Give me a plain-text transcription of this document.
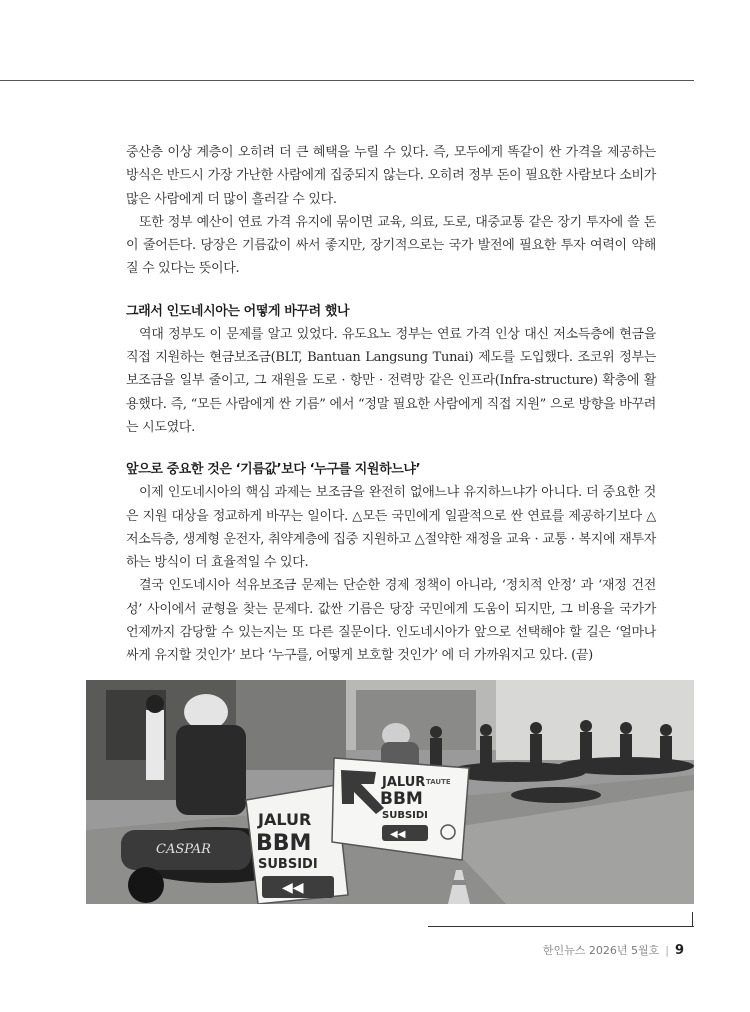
중산층 이상 계층이 오히려 더 큰 혜택을 누릴 수 있다. 즉, 모두에게 똑같이 싼 가격을 제공하는 방식은 반드시 가장 가난한 사람에게 집중되지 않는다. 오히려 정부 돈이 필요한 사람보다 소비가 많은 사람에게 더 많이 흘러갈 수 있다.

또한 정부 예산이 연료 가격 유지에 묶이면 교육, 의료, 도로, 대중교통 같은 장기 투자에 쓸 돈이 줄어든다. 당장은 기름값이 싸서 좋지만, 장기적으로는 국가 발전에 필요한 투자 여력이 약해질 수 있다는 뜻이다.

그래서 인도네시아는 어떻게 바꾸려 했나

역대 정부도 이 문제를 알고 있었다. 유도요노 정부는 연료 가격 인상 대신 저소득층에 현금을 직접 지원하는 현금보조금(BLT, Bantuan Langsung Tunai) 제도를 도입했다. 조코위 정부는 보조금을 일부 줄이고, 그 재원을 도로 · 항만 · 전력망 같은 인프라(Infra-structure) 확충에 활용했다. 즉, “모든 사람에게 싼 기름” 에서 “정말 필요한 사람에게 직접 지원” 으로 방향을 바꾸려는 시도였다.

앞으로 중요한 것은 ‘기름값’보다 ‘누구를 지원하느냐’

이제 인도네시아의 핵심 과제는 보조금을 완전히 없애느냐 유지하느냐가 아니다. 더 중요한 것은 지원 대상을 정교하게 바꾸는 일이다. △모든 국민에게 일괄적으로 싼 연료를 제공하기보다 △저소득층, 생계형 운전자, 취약계층에 집중 지원하고 △절약한 재정을 교육 · 교통 · 복지에 재투자하는 방식이 더 효율적일 수 있다.

결국 인도네시아 석유보조금 문제는 단순한 경제 정책이 아니라, ‘정치적 안정’ 과 ‘재정 건전성’ 사이에서 균형을 찾는 문제다. 값싼 기름은 당장 국민에게 도움이 되지만, 그 비용을 국가가 언제까지 감당할 수 있는지는 또 다른 질문이다. 인도네시아가 앞으로 선택해야 할 길은 ‘얼마나 싸게 유지할 것인가’ 보다 ‘누구를, 어떻게 보호할 것인가’ 에 더 가까워지고 있다. (끝)

CASPAR
JALUR
BBM
SUBSIDI
◀◀
JALUR
BBM
SUBSIDI
TAUTE
◀◀
한인뉴스 2026년 5월호 | 9
